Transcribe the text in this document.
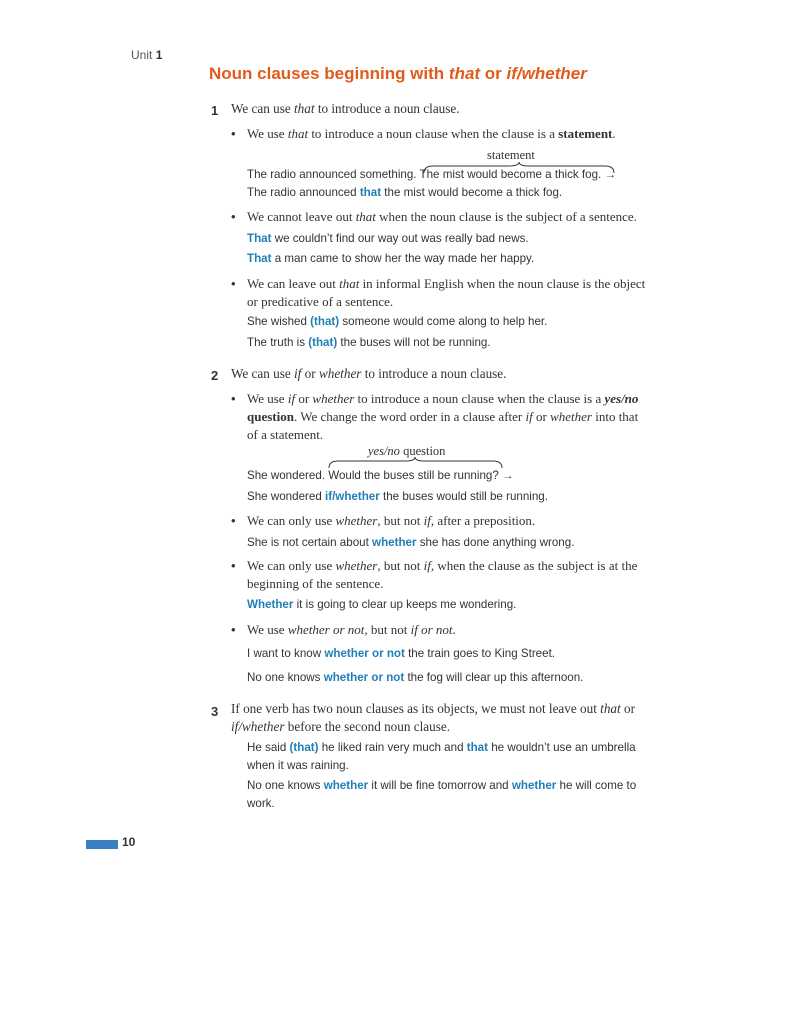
Unit 1
Noun clauses beginning with that or if/whether
1 We can use that to introduce a noun clause.
• We use that to introduce a noun clause when the clause is a statement.
statement
The radio announced something. The mist would become a thick fog. →
The radio announced that the mist would become a thick fog.
• We cannot leave out that when the noun clause is the subject of a sentence.
That we couldn’t find our way out was really bad news.
That a man came to show her the way made her happy.
• We can leave out that in informal English when the noun clause is the object
or predicative of a sentence.
She wished (that) someone would come along to help her.
The truth is (that) the buses will not be running.
2 We can use if or whether to introduce a noun clause.
• We use if or whether to introduce a noun clause when the clause is a yes/no
question. We change the word order in a clause after if or whether into that
of a statement.
yes/no question
She wondered. Would the buses still be running? →
She wondered if/whether the buses would still be running.
• We can only use whether, but not if, after a preposition.
She is not certain about whether she has done anything wrong.
• We can only use whether, but not if, when the clause as the subject is at the
beginning of the sentence.
Whether it is going to clear up keeps me wondering.
• We use whether or not, but not if or not.
I want to know whether or not the train goes to King Street.
No one knows whether or not the fog will clear up this afternoon.
3 If one verb has two noun clauses as its objects, we must not leave out that or
if/whether before the second noun clause.
He said (that) he liked rain very much and that he wouldn’t use an umbrella
when it was raining.
No one knows whether it will be fine tomorrow and whether he will come to
work.
10
